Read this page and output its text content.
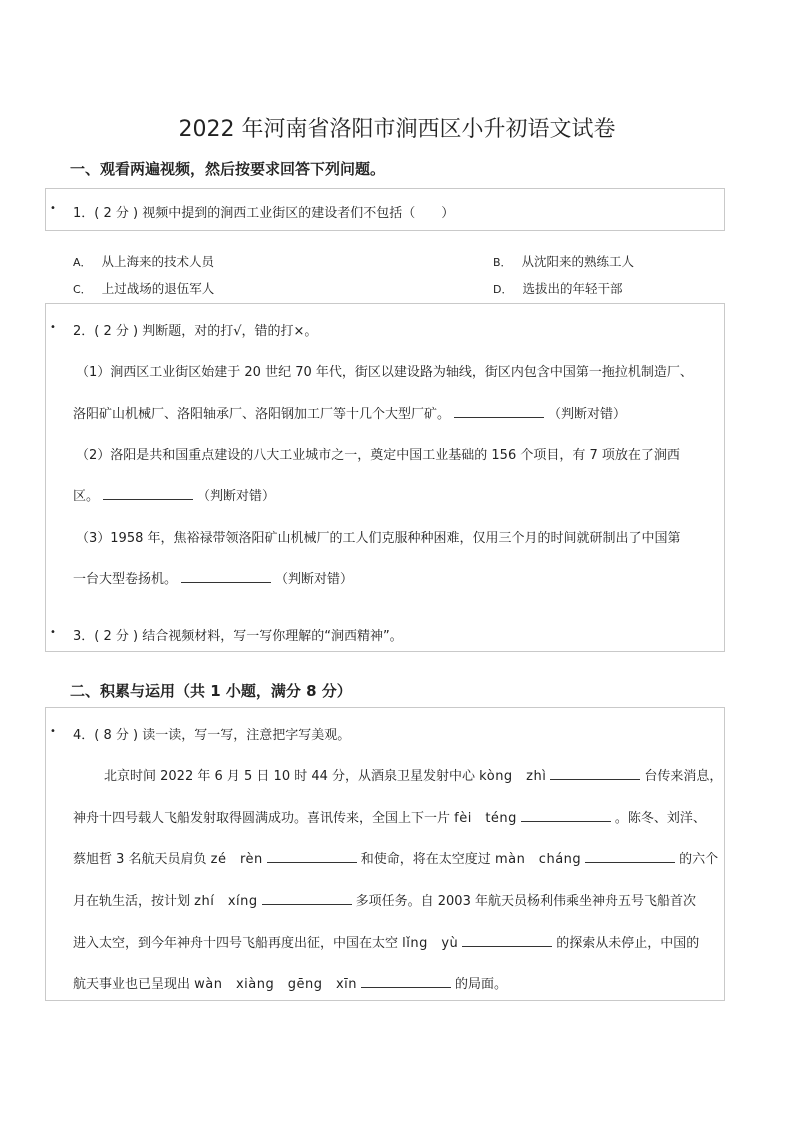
2022 年河南省洛阳市涧西区小升初语文试卷
一、观看两遍视频，然后按要求回答下列问题。
• 1．( 2 分 ) 视频中提到的涧西工业街区的建设者们不包括（　　）
A． 从上海来的技术人员	B． 从沈阳来的熟练工人
C． 上过战场的退伍军人	D． 选拔出的年轻干部
• 2．( 2 分 ) 判断题，对的打√，错的打×。
（1）涧西区工业街区始建于 20 世纪 70 年代，街区以建设路为轴线，街区内包含中国第一拖拉机制造厂、
洛阳矿山机械厂、洛阳轴承厂、洛阳钢加工厂等十几个大型厂矿。	（判断对错）
（2）洛阳是共和国重点建设的八大工业城市之一，奠定中国工业基础的 156 个项目，有 7 项放在了涧西
区。	（判断对错）
（3）1958 年，焦裕禄带领洛阳矿山机械厂的工人们克服种种困难，仅用三个月的时间就研制出了中国第
一台大型卷扬机。	（判断对错）
• 3．( 2 分 ) 结合视频材料，写一写你理解的“涧西精神”。
二、积累与运用（共 1 小题，满分 8 分）
• 4．( 8 分 ) 读一读，写一写，注意把字写美观。
北京时间 2022 年 6 月 5 日 10 时 44 分，从酒泉卫星发射中心 kòng　zhì	台传来消息，
神舟十四号载人飞船发射取得圆满成功。喜讯传来，全国上下一片 fèi　téng	。陈冬、刘洋、
蔡旭哲 3 名航天员肩负 zé　rèn	和使命，将在太空度过 màn　cháng	的六个
月在轨生活，按计划 zhí　xíng	多项任务。自 2003 年航天员杨利伟乘坐神舟五号飞船首次
进入太空，到今年神舟十四号飞船再度出征，中国在太空 lǐng　yù	的探索从未停止，中国的
航天事业也已呈现出 wàn　xiàng　gēng　xīn	的局面。
